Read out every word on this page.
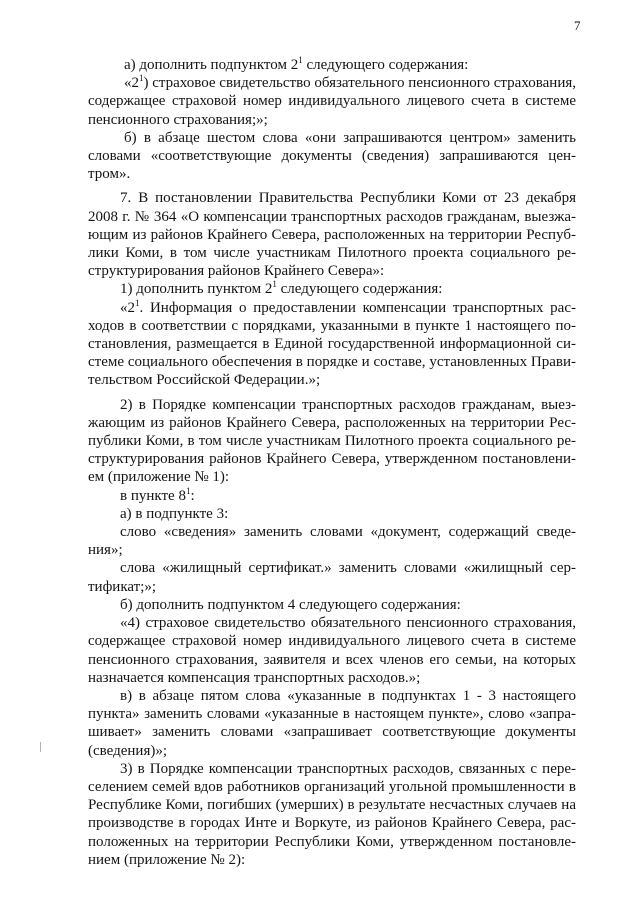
7
а) дополнить подпунктом $2^1$ следующего содержания:
«$2^1$) страховое свидетельство обязательного пенсионного страхования,
содержащее страховой номер индивидуального лицевого счета в системе
пенсионного страхования;»;
б) в абзаце шестом слова «они запрашиваются центром» заменить
словами «соответствующие документы (сведения) запрашиваются цен-
тром».
7. В постановлении Правительства Республики Коми от 23 декабря
2008 г. № 364 «О компенсации транспортных расходов гражданам, выезжа-
ющим из районов Крайнего Севера, расположенных на территории Респуб-
лики Коми, в том числе участникам Пилотного проекта социального ре-
структурирования районов Крайнего Севера»:
1) дополнить пунктом $2^1$ следующего содержания:
«$2^1$. Информация о предоставлении компенсации транспортных рас-
ходов в соответствии с порядками, указанными в пункте 1 настоящего по-
становления, размещается в Единой государственной информационной си-
стеме социального обеспечения в порядке и составе, установленных Прави-
тельством Российской Федерации.»;
2) в Порядке компенсации транспортных расходов гражданам, выез-
жающим из районов Крайнего Севера, расположенных на территории Рес-
публики Коми, в том числе участникам Пилотного проекта социального ре-
структурирования районов Крайнего Севера, утвержденном постановлени-
ем (приложение № 1):
в пункте $8^1$:
а) в подпункте 3:
слово «сведения» заменить словами «документ, содержащий сведе-
ния»;
слова «жилищный сертификат.» заменить словами «жилищный сер-
тификат;»;
б) дополнить подпунктом 4 следующего содержания:
«4) страховое свидетельство обязательного пенсионного страхования,
содержащее страховой номер индивидуального лицевого счета в системе
пенсионного страхования, заявителя и всех членов его семьи, на которых
назначается компенсация транспортных расходов.»;
в) в абзаце пятом слова «указанные в подпунктах 1 - 3 настоящего
пункта» заменить словами «указанные в настоящем пункте», слово «запра-
шивает» заменить словами «запрашивает соответствующие документы
(сведения)»;
3) в Порядке компенсации транспортных расходов, связанных с пере-
селением семей вдов работников организаций угольной промышленности в
Республике Коми, погибших (умерших) в результате несчастных случаев на
производстве в городах Инте и Воркуте, из районов Крайнего Севера, рас-
положенных на территории Республики Коми, утвержденном постановле-
нием (приложение № 2):
